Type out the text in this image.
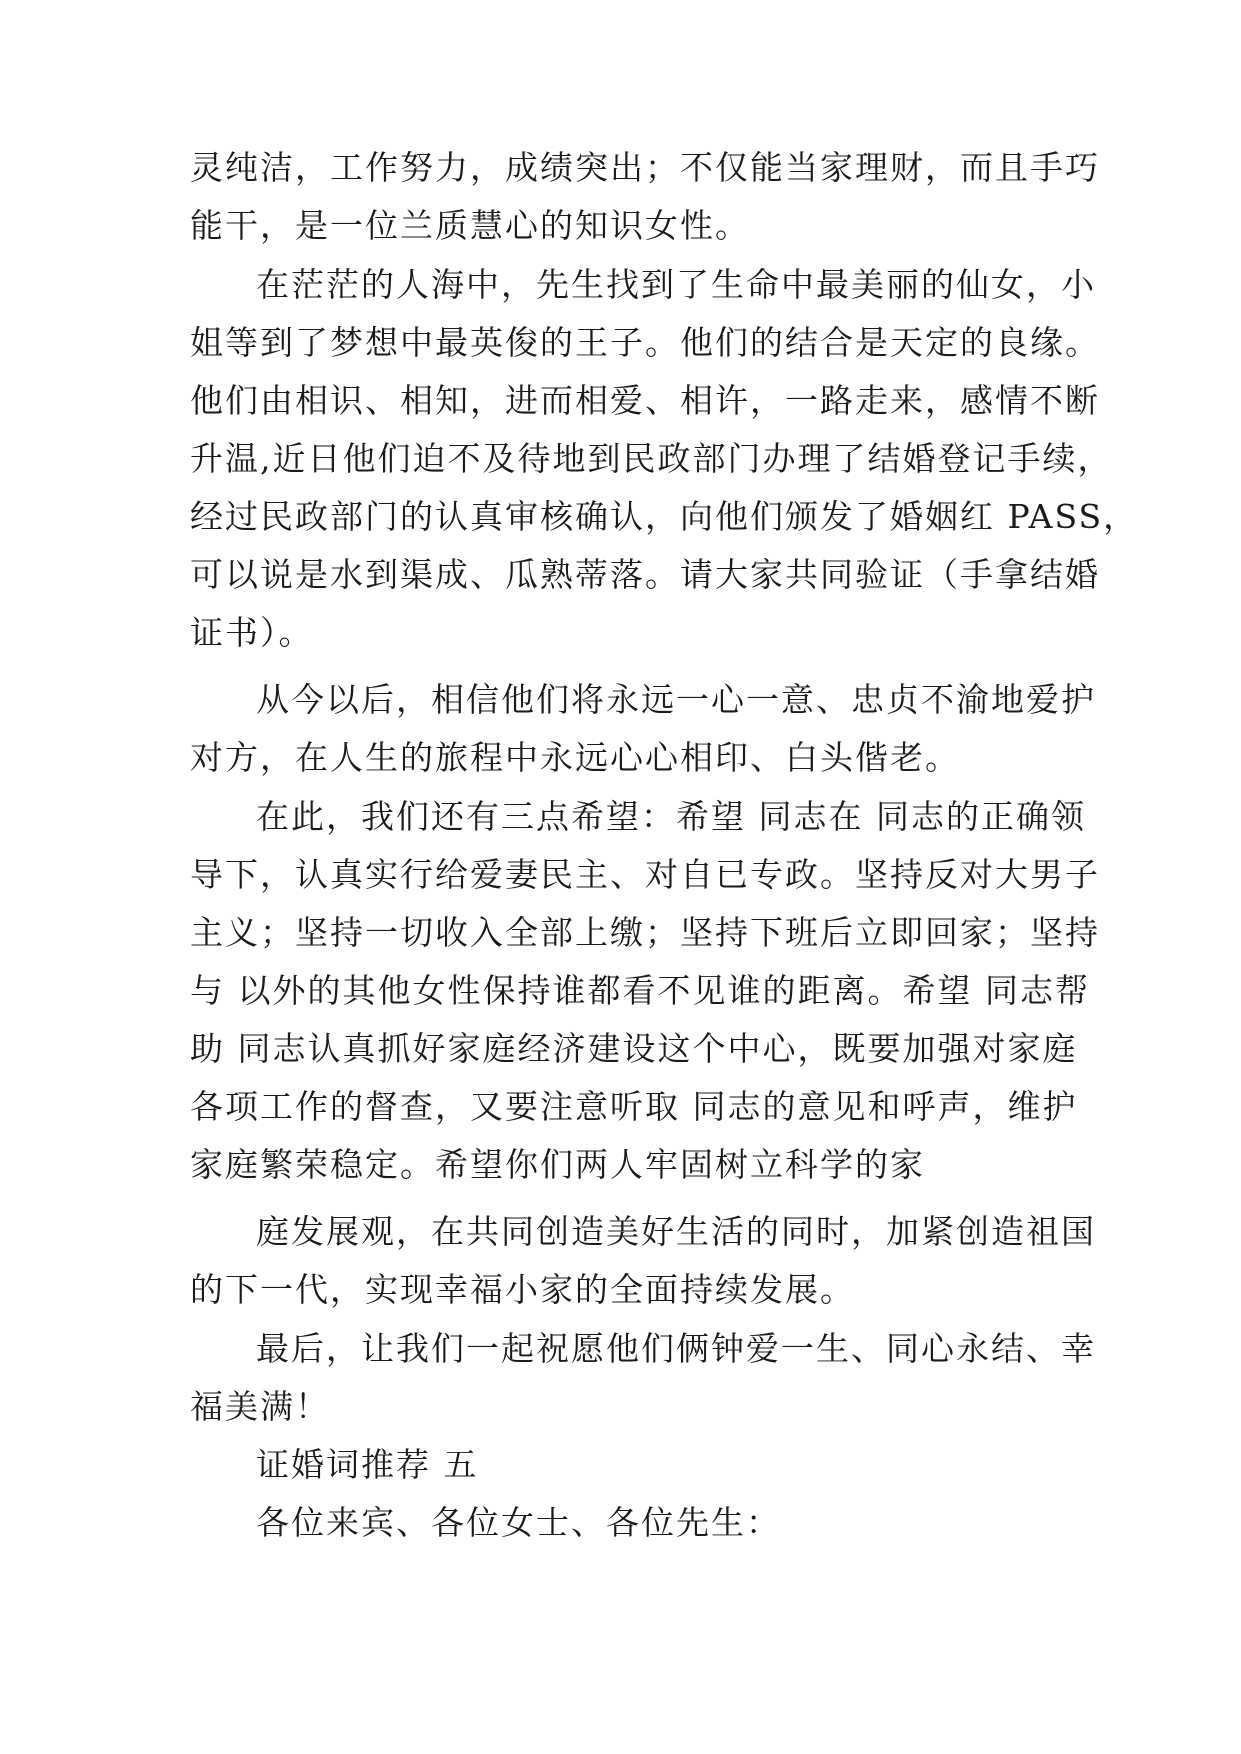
灵纯洁，工作努力，成绩突出；不仅能当家理财，而且手巧
能干，是一位兰质慧心的知识女性。
在茫茫的人海中，先生找到了生命中最美丽的仙女，小
姐等到了梦想中最英俊的王子。他们的结合是天定的良缘。
他们由相识、相知，进而相爱、相许，一路走来，感情不断
升温,近日他们迫不及待地到民政部门办理了结婚登记手续，
经过民政部门的认真审核确认，向他们颁发了婚姻红 PASS，
可以说是水到渠成、瓜熟蒂落。请大家共同验证（手拿结婚
证书）。
从今以后，相信他们将永远一心一意、忠贞不渝地爱护
对方，在人生的旅程中永远心心相印、白头偕老。
在此，我们还有三点希望：希望 同志在 同志的正确领
导下，认真实行给爱妻民主、对自已专政。坚持反对大男子
主义；坚持一切收入全部上缴；坚持下班后立即回家；坚持
与 以外的其他女性保持谁都看不见谁的距离。希望 同志帮
助 同志认真抓好家庭经济建设这个中心，既要加强对家庭
各项工作的督查，又要注意听取 同志的意见和呼声，维护
家庭繁荣稳定。希望你们两人牢固树立科学的家
庭发展观，在共同创造美好生活的同时，加紧创造祖国
的下一代，实现幸福小家的全面持续发展。
最后，让我们一起祝愿他们俩钟爱一生、同心永结、幸
福美满！
证婚词推荐 五
各位来宾、各位女士、各位先生：
